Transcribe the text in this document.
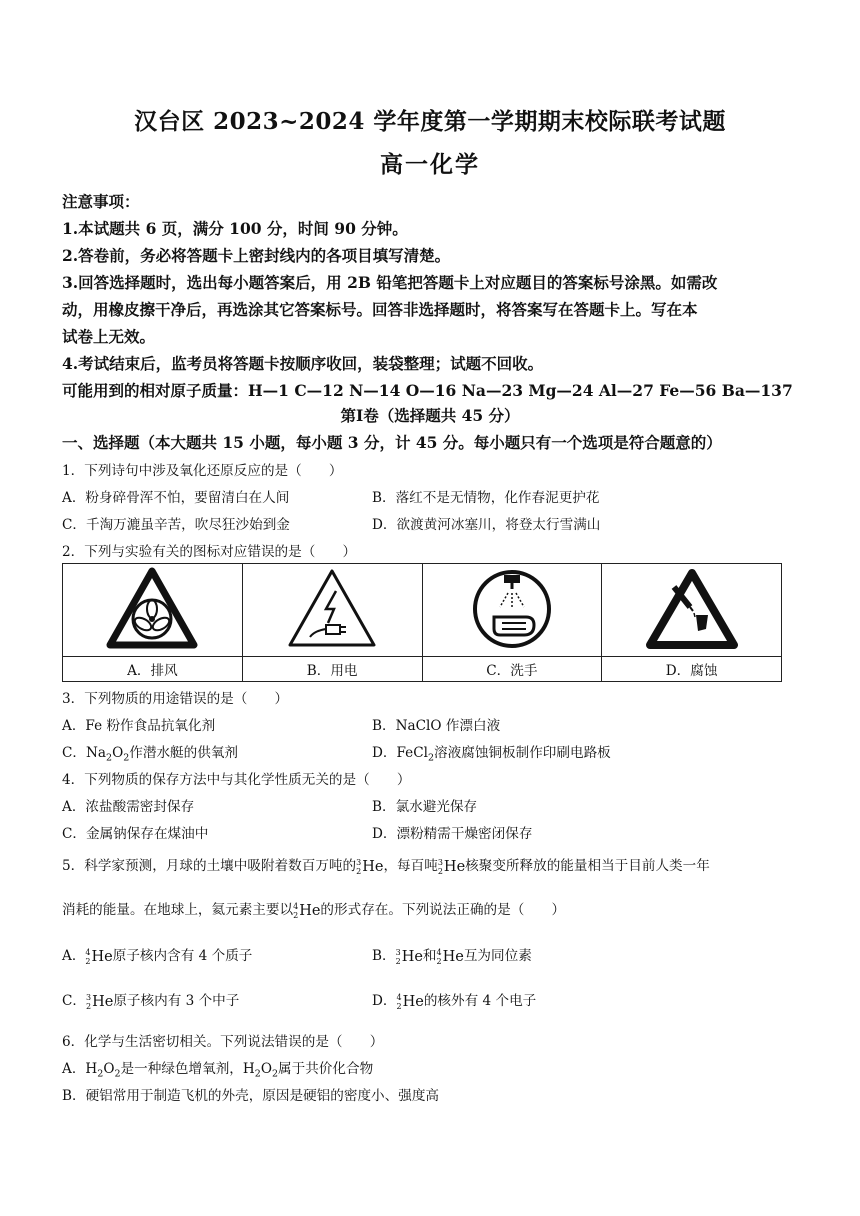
汉台区 2023~2024 学年度第一学期期末校际联考试题
高一化学
注意事项：
1.本试题共 6 页，满分 100 分，时间 90 分钟。
2.答卷前，务必将答题卡上密封线内的各项目填写清楚。
3.回答选择题时，选出每小题答案后，用 2B 铅笔把答题卡上对应题目的答案标号涂黑。如需改
动，用橡皮擦干净后，再选涂其它答案标号。回答非选择题时，将答案写在答题卡上。写在本
试卷上无效。
4.考试结束后，监考员将答题卡按顺序收回，装袋整理；试题不回收。
可能用到的相对原子质量：H—1 C—12 N—14 O—16 Na—23 Mg—24 Al—27 Fe—56 Ba—137
第Ⅰ卷（选择题共 45 分）
一、选择题（本大题共 15 小题，每小题 3 分，计 45 分。每小题只有一个选项是符合题意的）
1．下列诗句中涉及氧化还原反应的是（　　）
A．粉身碎骨浑不怕，要留清白在人间	B．落红不是无情物，化作春泥更护花
C．千淘万漉虽辛苦，吹尽狂沙始到金	D．欲渡黄河冰塞川，将登太行雪满山
2．下列与实验有关的图标对应错误的是（　　）

A．排风	B．用电	C．洗手	D．腐蚀
3．下列物质的用途错误的是（　　）
A．Fe 粉作食品抗氧化剂	B．NaClO 作漂白液
C．$Na_2O_2$作潜水艇的供氧剂	D．FeCl$_2$溶液腐蚀铜板制作印刷电路板
4．下列物质的保存方法中与其化学性质无关的是（　　）
A．浓盐酸需密封保存	B．氯水避光保存
C．金属钠保存在煤油中	D．漂粉精需干燥密闭保存
5．科学家预测，月球的土壤中吸附着数百万吨的 3
2 He ，每百吨 3
2 He 核聚变所释放的能量相当于目前人类一年
消耗的能量。在地球上，氦元素主要以 4
2 He 的形式存在。下列说法正确的是（　　）
A． 4
2 He 原子核内含有 4 个质子	B． 3
2 He 和 4
2 He 互为同位素
C． 3
2 He 原子核内有 3 个中子	D． 4
2 He 的核外有 4 个电子
6．化学与生活密切相关。下列说法错误的是（　　）
A．$H_2O_2$是一种绿色增氧剂，$H_2O_2$属于共价化合物
B．硬铝常用于制造飞机的外壳，原因是硬铝的密度小、强度高
